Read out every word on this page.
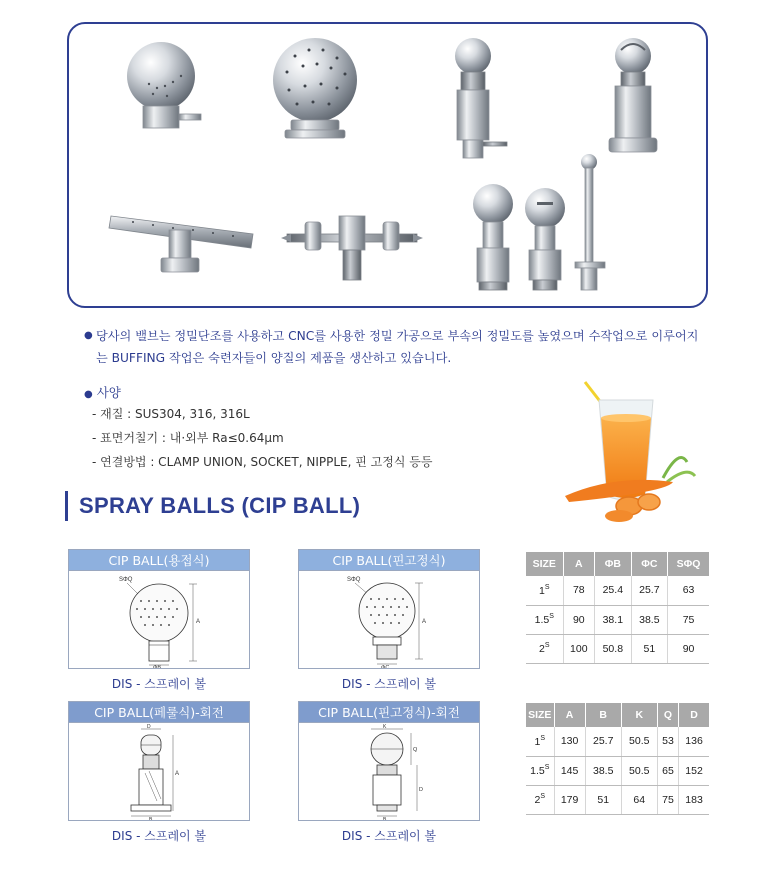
● 당사의 밸브는 정밀단조를 사용하고 CNC를 사용한 정밀 가공으로 부속의 정밀도를 높였으며 수작업으로 이루어지는 BUFFING 작업은 숙련자들이 양질의 제품을 생산하고 있습니다.

● 사양
- 재질 : SUS304, 316, 316L
- 표면거칠기 : 내·외부 Ra≤0.64μm
- 연결방법 : CLAMP UNION, SOCKET, NIPPLE, 핀 고정식 등등
SPRAY BALLS (CIP BALL)
CIP BALL(용접식)
SΦQ
A
ΦB
DIS - 스프레이 볼
CIP BALL(핀고정식)
SΦQ
A
ΦC
DIS - 스프레이 볼
CIP BALL(페룰식)-회전
A
D
B
DIS - 스프레이 볼
CIP BALL(핀고정식)-회전
K
Q
D
B
DIS - 스프레이 볼
SIZE	A	ΦB	ΦC	SΦQ
$1^S$	78	25.4	25.7	63
$1.5^S$	90	38.1	38.5	75
$2^S$	100	50.8	51	90
SIZE	A	B	K	Q	D
$1^S$	130	25.7	50.5	53	136
$1.5^S$	145	38.5	50.5	65	152
$2^S$	179	51	64	75	183
